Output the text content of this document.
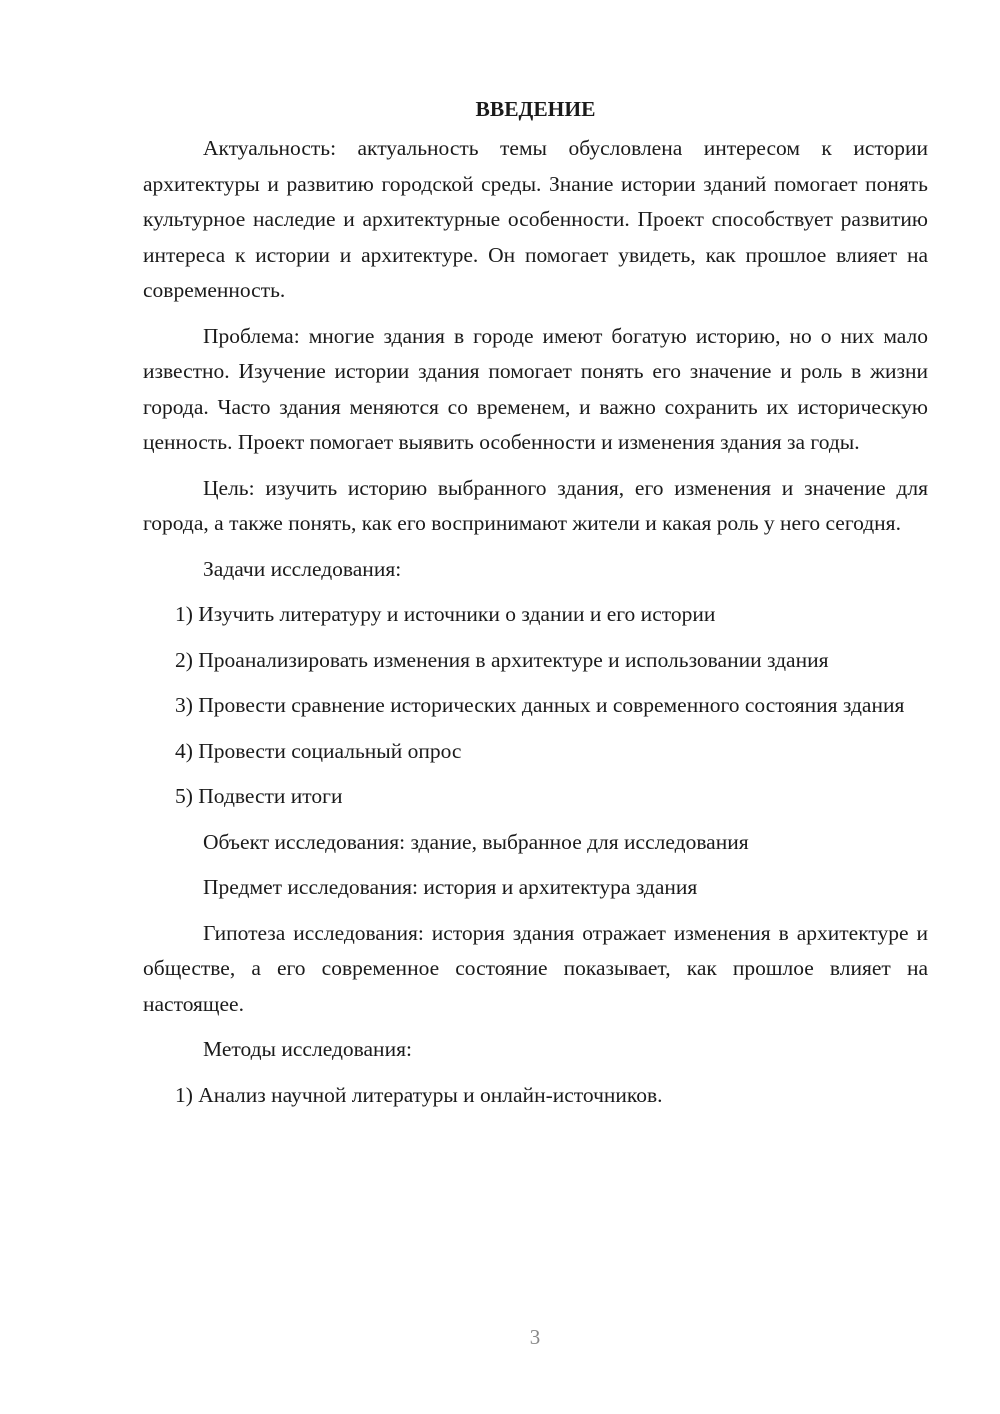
ВВЕДЕНИЕ

Актуальность: актуальность темы обусловлена интересом к истории архитектуры и развитию городской среды. Знание истории зданий помогает понять культурное наследие и архитектурные особенности. Проект способствует развитию интереса к истории и архитектуре. Он помогает увидеть, как прошлое влияет на современность.

Проблема: многие здания в городе имеют богатую историю, но о них мало известно. Изучение истории здания помогает понять его значение и роль в жизни города. Часто здания меняются со временем, и важно сохранить их историческую ценность. Проект помогает выявить особенности и изменения здания за годы.

Цель: изучить историю выбранного здания, его изменения и значение для города, а также понять, как его воспринимают жители и какая роль у него сегодня.

Задачи исследования:

1) Изучить литературу и источники о здании и его истории

2) Проанализировать изменения в архитектуре и использовании здания

3) Провести сравнение исторических данных и современного состояния здания

4) Провести социальный опрос

5) Подвести итоги

Объект исследования: здание, выбранное для исследования

Предмет исследования: история и архитектура здания

Гипотеза исследования: история здания отражает изменения в архитектуре и обществе, а его современное состояние показывает, как прошлое влияет на настоящее.

Методы исследования:

1) Анализ научной литературы и онлайн-источников.

3
